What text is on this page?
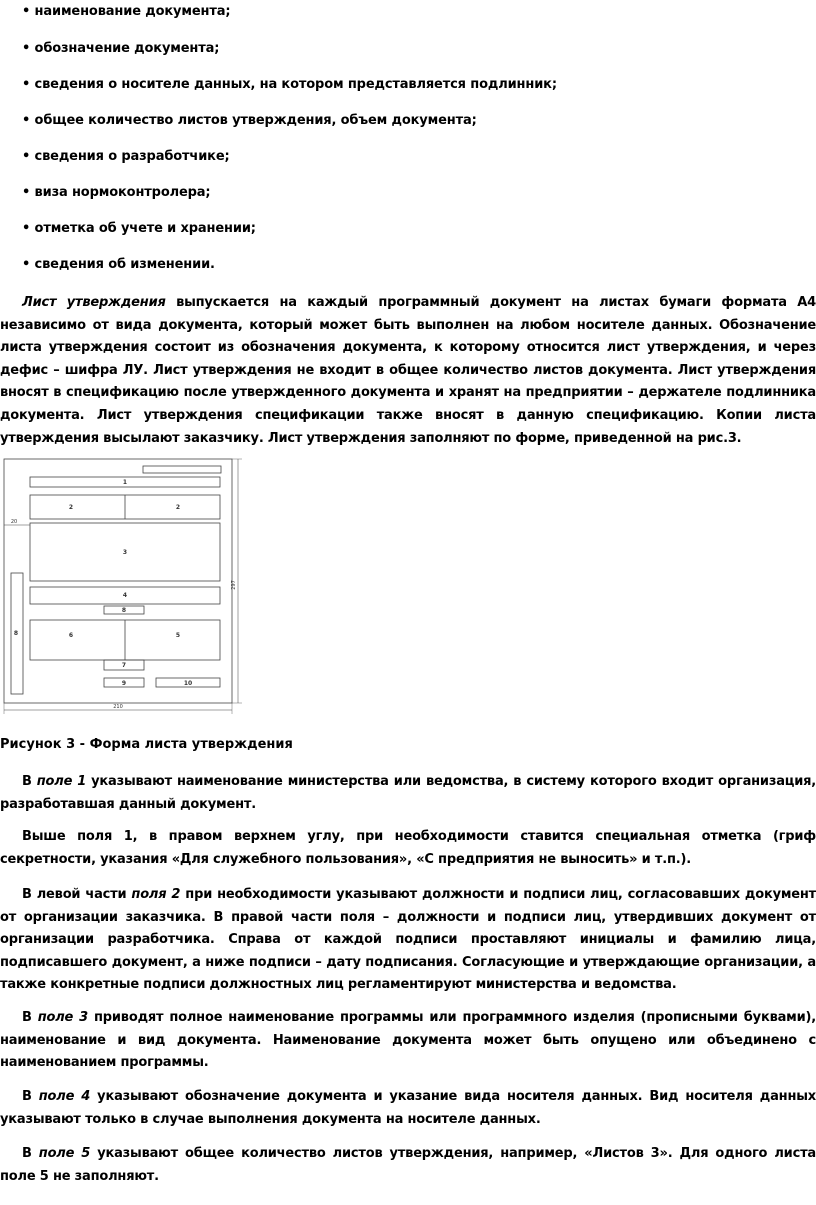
• наименование документа;
• обозначение документа;
• сведения о носителе данных, на котором представляется подлинник;
• общее количество листов утверждения, объем документа;
• сведения о разработчике;
• виза нормоконтролера;
• отметка об учете и хранении;
• сведения об изменении.
Лист утверждения выпускается на каждый программный документ на листах бумаги формата А4 независимо от вида документа, который может быть выполнен на любом носителе данных. Обозначение листа утверждения состоит из обозначения документа, к которому относится лист утверждения, и через дефис – шифра ЛУ. Лист утверждения не входит в общее количество листов документа. Лист утверждения вносят в спецификацию после утвержденного документа и хранят на предприятии – держателе подлинника документа. Лист утверждения спецификации также вносят в данную спецификацию. Копии листа утверждения высылают заказчику. Лист утверждения заполняют по форме, приведенной на рис.3.
1
2	2
3
4
8
8	6	5
7
9	10
20
297
210
Рисунок 3 - Форма листа утверждения
В поле 1 указывают наименование министерства или ведомства, в систему которого входит организация, разработавшая данный документ.
Выше поля 1, в правом верхнем углу, при необходимости ставится специальная отметка (гриф секретности, указания «Для служебного пользования», «С предприятия не выносить» и т.п.).
В левой части поля 2 при необходимости указывают должности и подписи лиц, согласовавших документ от организации заказчика. В правой части поля – должности и подписи лиц, утвердивших документ от организации разработчика. Справа от каждой подписи проставляют инициалы и фамилию лица, подписавшего документ, а ниже подписи – дату подписания. Согласующие и утверждающие организации, а также конкретные подписи должностных лиц регламентируют министерства и ведомства.
В поле 3 приводят полное наименование программы или программного изделия (прописными буквами), наименование и вид документа. Наименование документа может быть опущено или объединено с наименованием программы.
В поле 4 указывают обозначение документа и указание вида носителя данных. Вид носителя данных указывают только в случае выполнения документа на носителе данных.
В поле 5 указывают общее количество листов утверждения, например, «Листов 3». Для одного листа поле 5 не заполняют.
